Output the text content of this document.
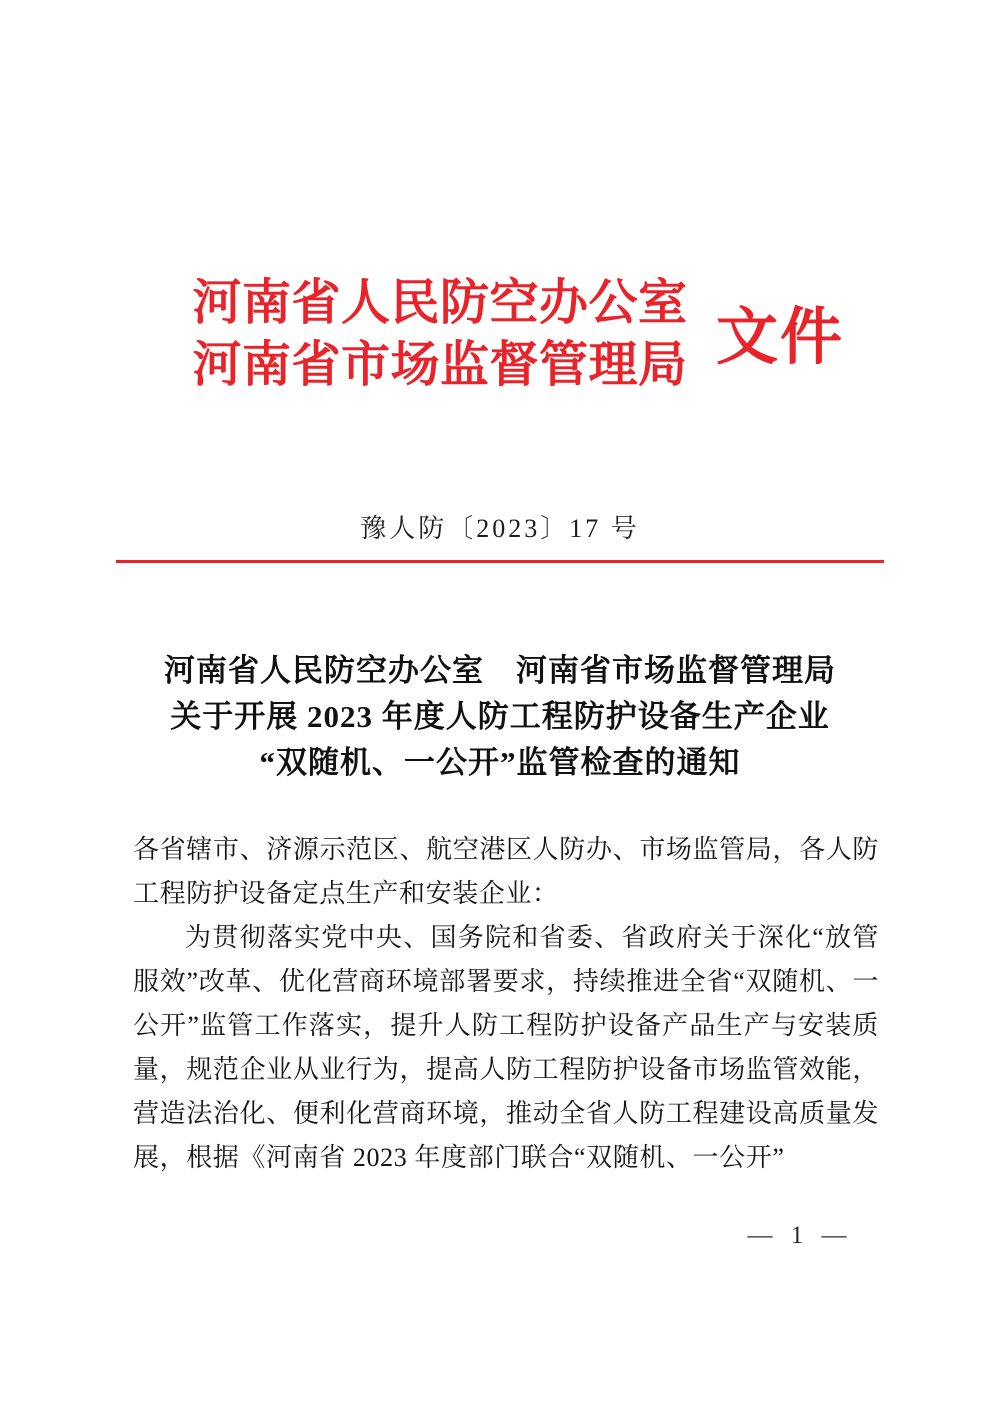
河南省人民防空办公室
河南省市场监督管理局 文件
豫人防〔2023〕17 号
河南省人民防空办公室　河南省市场监督管理局
关于开展 2023 年度人防工程防护设备生产企业
“双随机、一公开”监管检查的通知

各省辖市、济源示范区、航空港区人防办、市场监管局，各人防工程防护设备定点生产和安装企业：

为贯彻落实党中央、国务院和省委、省政府关于深化“放管服效”改革、优化营商环境部署要求，持续推进全省“双随机、一公开”监管工作落实，提升人防工程防护设备产品生产与安装质量，规范企业从业行为，提高人防工程防护设备市场监管效能，营造法治化、便利化营商环境，推动全省人防工程建设高质量发展，根据《河南省 2023 年度部门联合“双随机、一公开”

— 1 —
